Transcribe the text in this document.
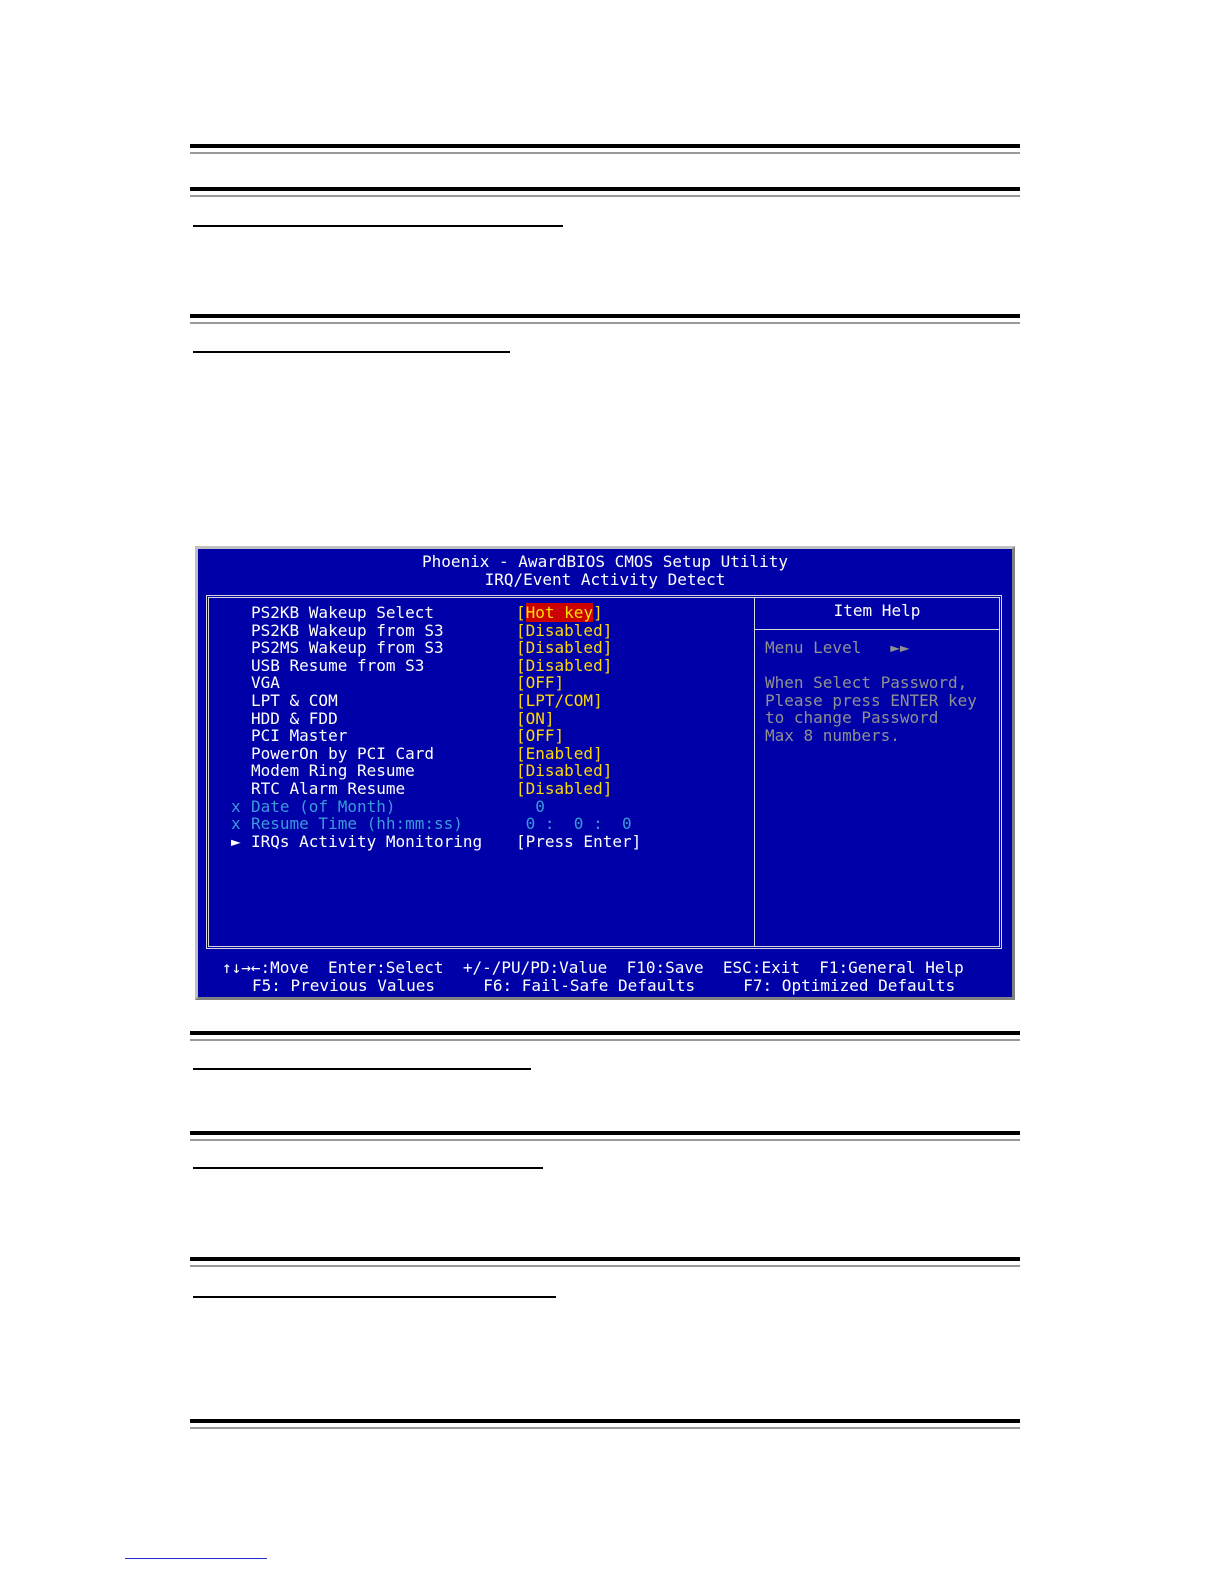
Phoenix - AwardBIOS CMOS Setup Utility
IRQ/Event Activity Detect
PS2KB Wakeup Select	[Hot key]
PS2KB Wakeup from S3	[Disabled]
PS2MS Wakeup from S3	[Disabled]
USB Resume from S3	[Disabled]
VGA	[OFF]
LPT & COM	[LPT/COM]
HDD & FDD	[ON]
PCI Master	[OFF]
PowerOn by PCI Card	[Enabled]
Modem Ring Resume	[Disabled]
RTC Alarm Resume	[Disabled]
x Date (of Month)	0
x Resume Time (hh:mm:ss)	0 :  0 :  0
► IRQs Activity Monitoring [Press Enter]
Item Help
Menu Level   ►►
When Select Password,
Please press ENTER key
to change Password
Max 8 numbers.
↑↓→←:Move  Enter:Select  +/-/PU/PD:Value  F10:Save  ESC:Exit  F1:General Help
F5: Previous Values     F6: Fail-Safe Defaults     F7: Optimized Defaults
